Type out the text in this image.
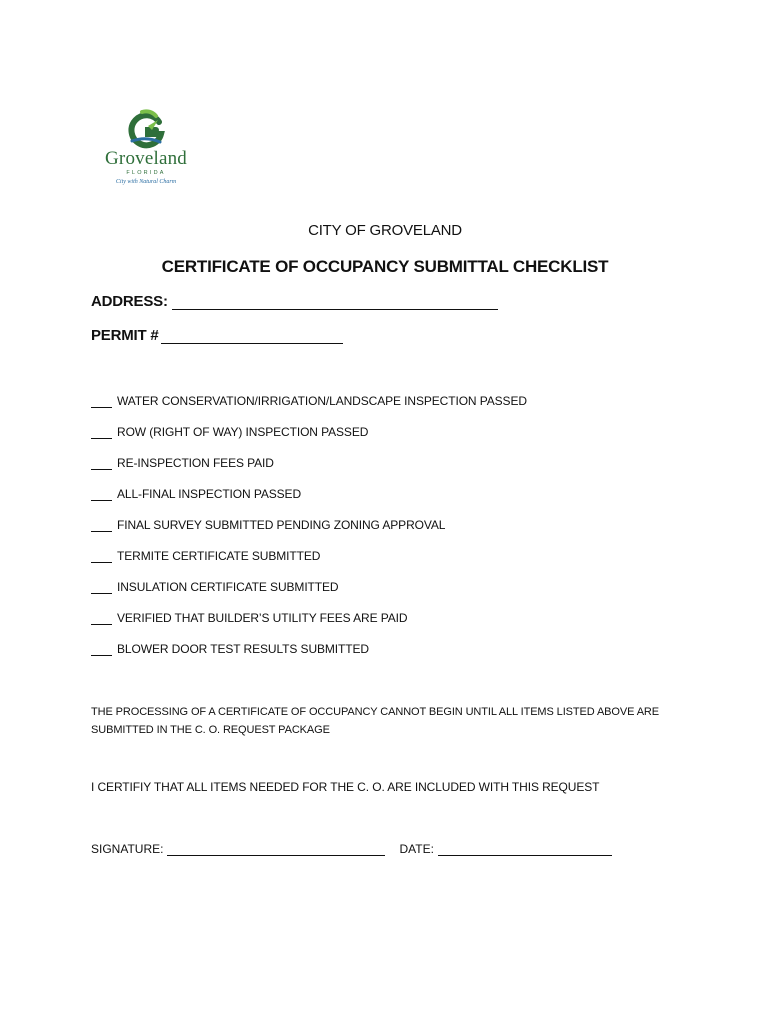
Groveland
FLORIDA
City with Natural Charm
CITY OF GROVELAND
CERTIFICATE OF OCCUPANCY SUBMITTAL CHECKLIST
ADDRESS:
PERMIT #
WATER CONSERVATION/IRRIGATION/LANDSCAPE INSPECTION PASSED
ROW (RIGHT OF WAY) INSPECTION PASSED
RE-INSPECTION FEES PAID
ALL-FINAL INSPECTION PASSED
FINAL SURVEY SUBMITTED PENDING ZONING APPROVAL
TERMITE CERTIFICATE SUBMITTED
INSULATION CERTIFICATE SUBMITTED
VERIFIED THAT BUILDER’S UTILITY FEES ARE PAID
BLOWER DOOR TEST RESULTS SUBMITTED
THE PROCESSING OF A CERTIFICATE OF OCCUPANCY CANNOT BEGIN UNTIL ALL ITEMS LISTED ABOVE ARE SUBMITTED IN THE C. O. REQUEST PACKAGE
I CERTIFIY THAT ALL ITEMS NEEDED FOR THE C. O. ARE INCLUDED WITH THIS REQUEST
SIGNATURE:	DATE:
